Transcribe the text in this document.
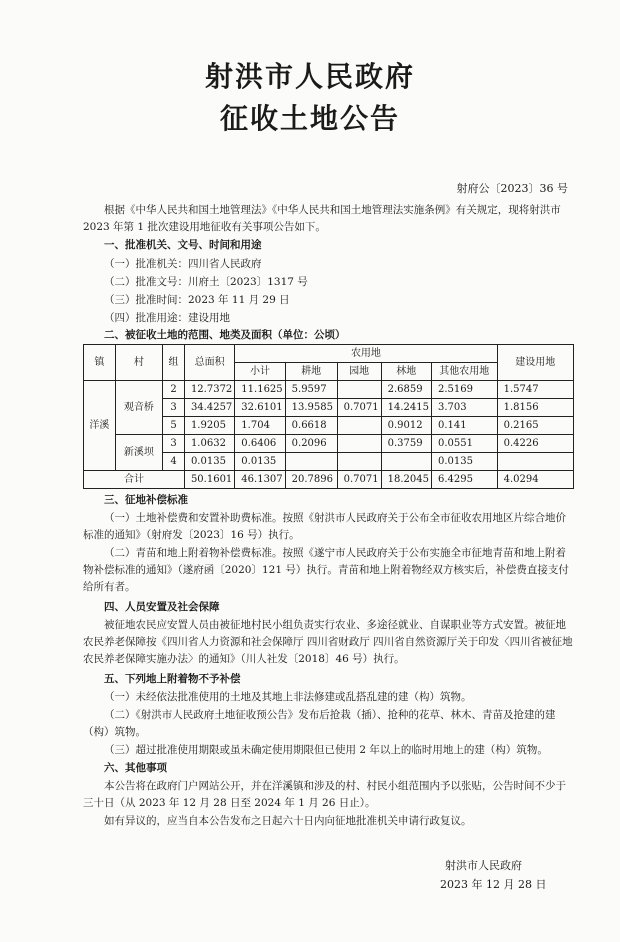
射洪市人民政府
征收土地公告
射府公〔2023〕36 号
根据《中华人民共和国土地管理法》《中华人民共和国土地管理法实施条例》有关规定，现将射洪市 2023 年第 1 批次建设用地征收有关事项公告如下。
一、批准机关、文号、时间和用途
（一）批准机关：四川省人民政府
（二）批准文号：川府土〔2023〕1317 号
（三）批准时间：2023 年 11 月 29 日
（四）批准用途：建设用地
二、被征收土地的范围、地类及面积（单位：公顷）
镇	村	组	总面积	农用地					建设用地
				小计	耕地	园地	林地	其他农用地	
洋溪	观音桥	2	12.7372	11.1625	5.9597		2.6859	2.5169	1.5747
		3	34.4257	32.6101	13.9585	0.7071	14.2415	3.703	1.8156
		5	1.9205	1.704	0.6618		0.9012	0.141	0.2165
	新溪坝	3	1.0632	0.6406	0.2096		0.3759	0.0551	0.4226
		4	0.0135	0.0135				0.0135	
合计			50.1601	46.1307	20.7896	0.7071	18.2045	6.4295	4.0294
三、征地补偿标准
（一）土地补偿费和安置补助费标准。按照《射洪市人民政府关于公布全市征收农用地区片综合地价标准的通知》（射府发〔2023〕16 号）执行。
（二）青苗和地上附着物补偿费标准。按照《遂宁市人民政府关于公布实施全市征地青苗和地上附着物补偿标准的通知》（遂府函〔2020〕121 号）执行。青苗和地上附着物经双方核实后，补偿费直接支付给所有者。
四、人员安置及社会保障
被征地农民应安置人员由被征地村民小组负责实行农业、多途径就业、自谋职业等方式安置。被征地农民养老保障按《四川省人力资源和社会保障厅 四川省财政厅 四川省自然资源厅关于印发〈四川省被征地农民养老保障实施办法〉的通知》（川人社发〔2018〕46 号）执行。
五、下列地上附着物不予补偿
（一）未经依法批准使用的土地及其地上非法修建或乱搭乱建的建（构）筑物。
（二）《射洪市人民政府土地征收预公告》发布后抢栽（插）、抢种的花草、林木、青苗及抢建的建（构）筑物。
（三）超过批准使用期限或虽未确定使用期限但已使用 2 年以上的临时用地上的建（构）筑物。
六、其他事项
本公告将在政府门户网站公开，并在洋溪镇和涉及的村、村民小组范围内予以张贴，公告时间不少于三十日（从 2023 年 12 月 28 日至 2024 年 1 月 26 日止）。
如有异议的，应当自本公告发布之日起六十日内向征地批准机关申请行政复议。
射洪市人民政府
2023 年 12 月 28 日
